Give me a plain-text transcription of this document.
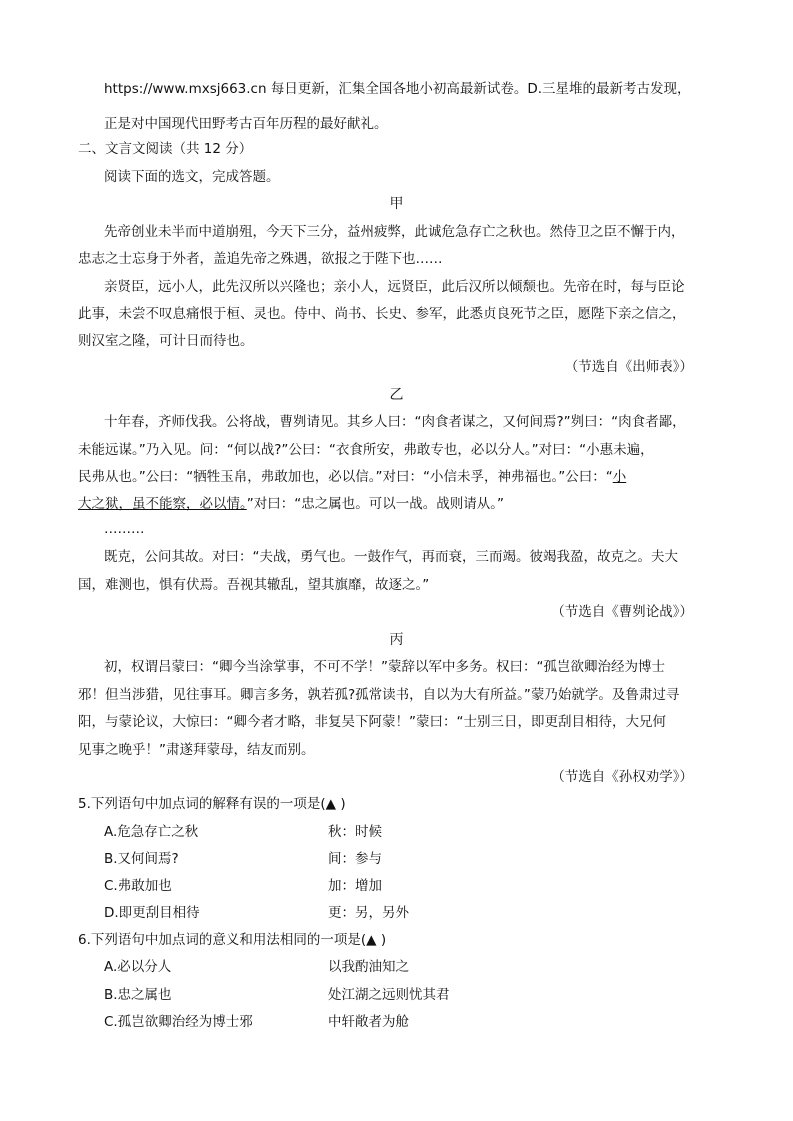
https://www.mxsj663.cn 每日更新，汇集全国各地小初高最新试卷。D.三星堆的最新考古发现，
正是对中国现代田野考古百年历程的最好献礼。
二、文言文阅读（共 12 分）
阅读下面的选文，完成答题。
甲
先帝创业未半而中道崩殂，今天下三分，益州疲弊，此诚危急存亡之秋也。然侍卫之臣不懈于内，
忠志之士忘身于外者，盖追先帝之殊遇，欲报之于陛下也……
亲贤臣，远小人，此先汉所以兴隆也；亲小人，远贤臣，此后汉所以倾颓也。先帝在时，每与臣论
此事，未尝不叹息痛恨于桓、灵也。侍中、尚书、长史、参军，此悉贞良死节之臣，愿陛下亲之信之，
则汉室之隆，可计日而待也。
（节选自《出师表》）
乙
十年春，齐师伐我。公将战，曹刿请见。其乡人曰：“肉食者谋之，又何间焉?”刿曰：“肉食者鄙，
未能远谋。”乃入见。问：“何以战?”公曰：“衣食所安，弗敢专也，必以分人。”对曰：“小惠未遍，
民弗从也。”公曰：“牺牲玉帛，弗敢加也，必以信。”对曰：“小信未孚，神弗福也。”公曰：“小
大之狱，虽不能察，必以情。”对曰：“忠之属也。可以一战。战则请从。”
………
既克，公问其故。对曰：“夫战，勇气也。一鼓作气，再而衰，三而竭。彼竭我盈，故克之。夫大
国，难测也，惧有伏焉。吾视其辙乱，望其旗靡，故逐之。”
（节选自《曹刿论战》）
丙
初，权谓吕蒙曰：“卿今当涂掌事，不可不学！”蒙辞以军中多务。权曰：“孤岂欲卿治经为博士
邪！但当涉猎，见往事耳。卿言多务，孰若孤?孤常读书，自以为大有所益。”蒙乃始就学。及鲁肃过寻
阳，与蒙论议，大惊曰：“卿今者才略，非复吴下阿蒙！”蒙曰：“士别三日，即更刮目相待，大兄何
见事之晚乎！”肃遂拜蒙母，结友而别。
（节选自《孙权劝学》）
5.下列语句中加点词的解释有误的一项是(▲ )
A.危急存亡之秋	秋：时候
B.又何间焉?	间：参与
C.弗敢加也	加：增加
D.即更刮目相待	更：另，另外
6.下列语句中加点词的意义和用法相同的一项是(▲ )
A.必以分人	以我酌油知之
B.忠之属也	处江湖之远则忧其君
C.孤岂欲卿治经为博士邪	中轩敞者为舱
